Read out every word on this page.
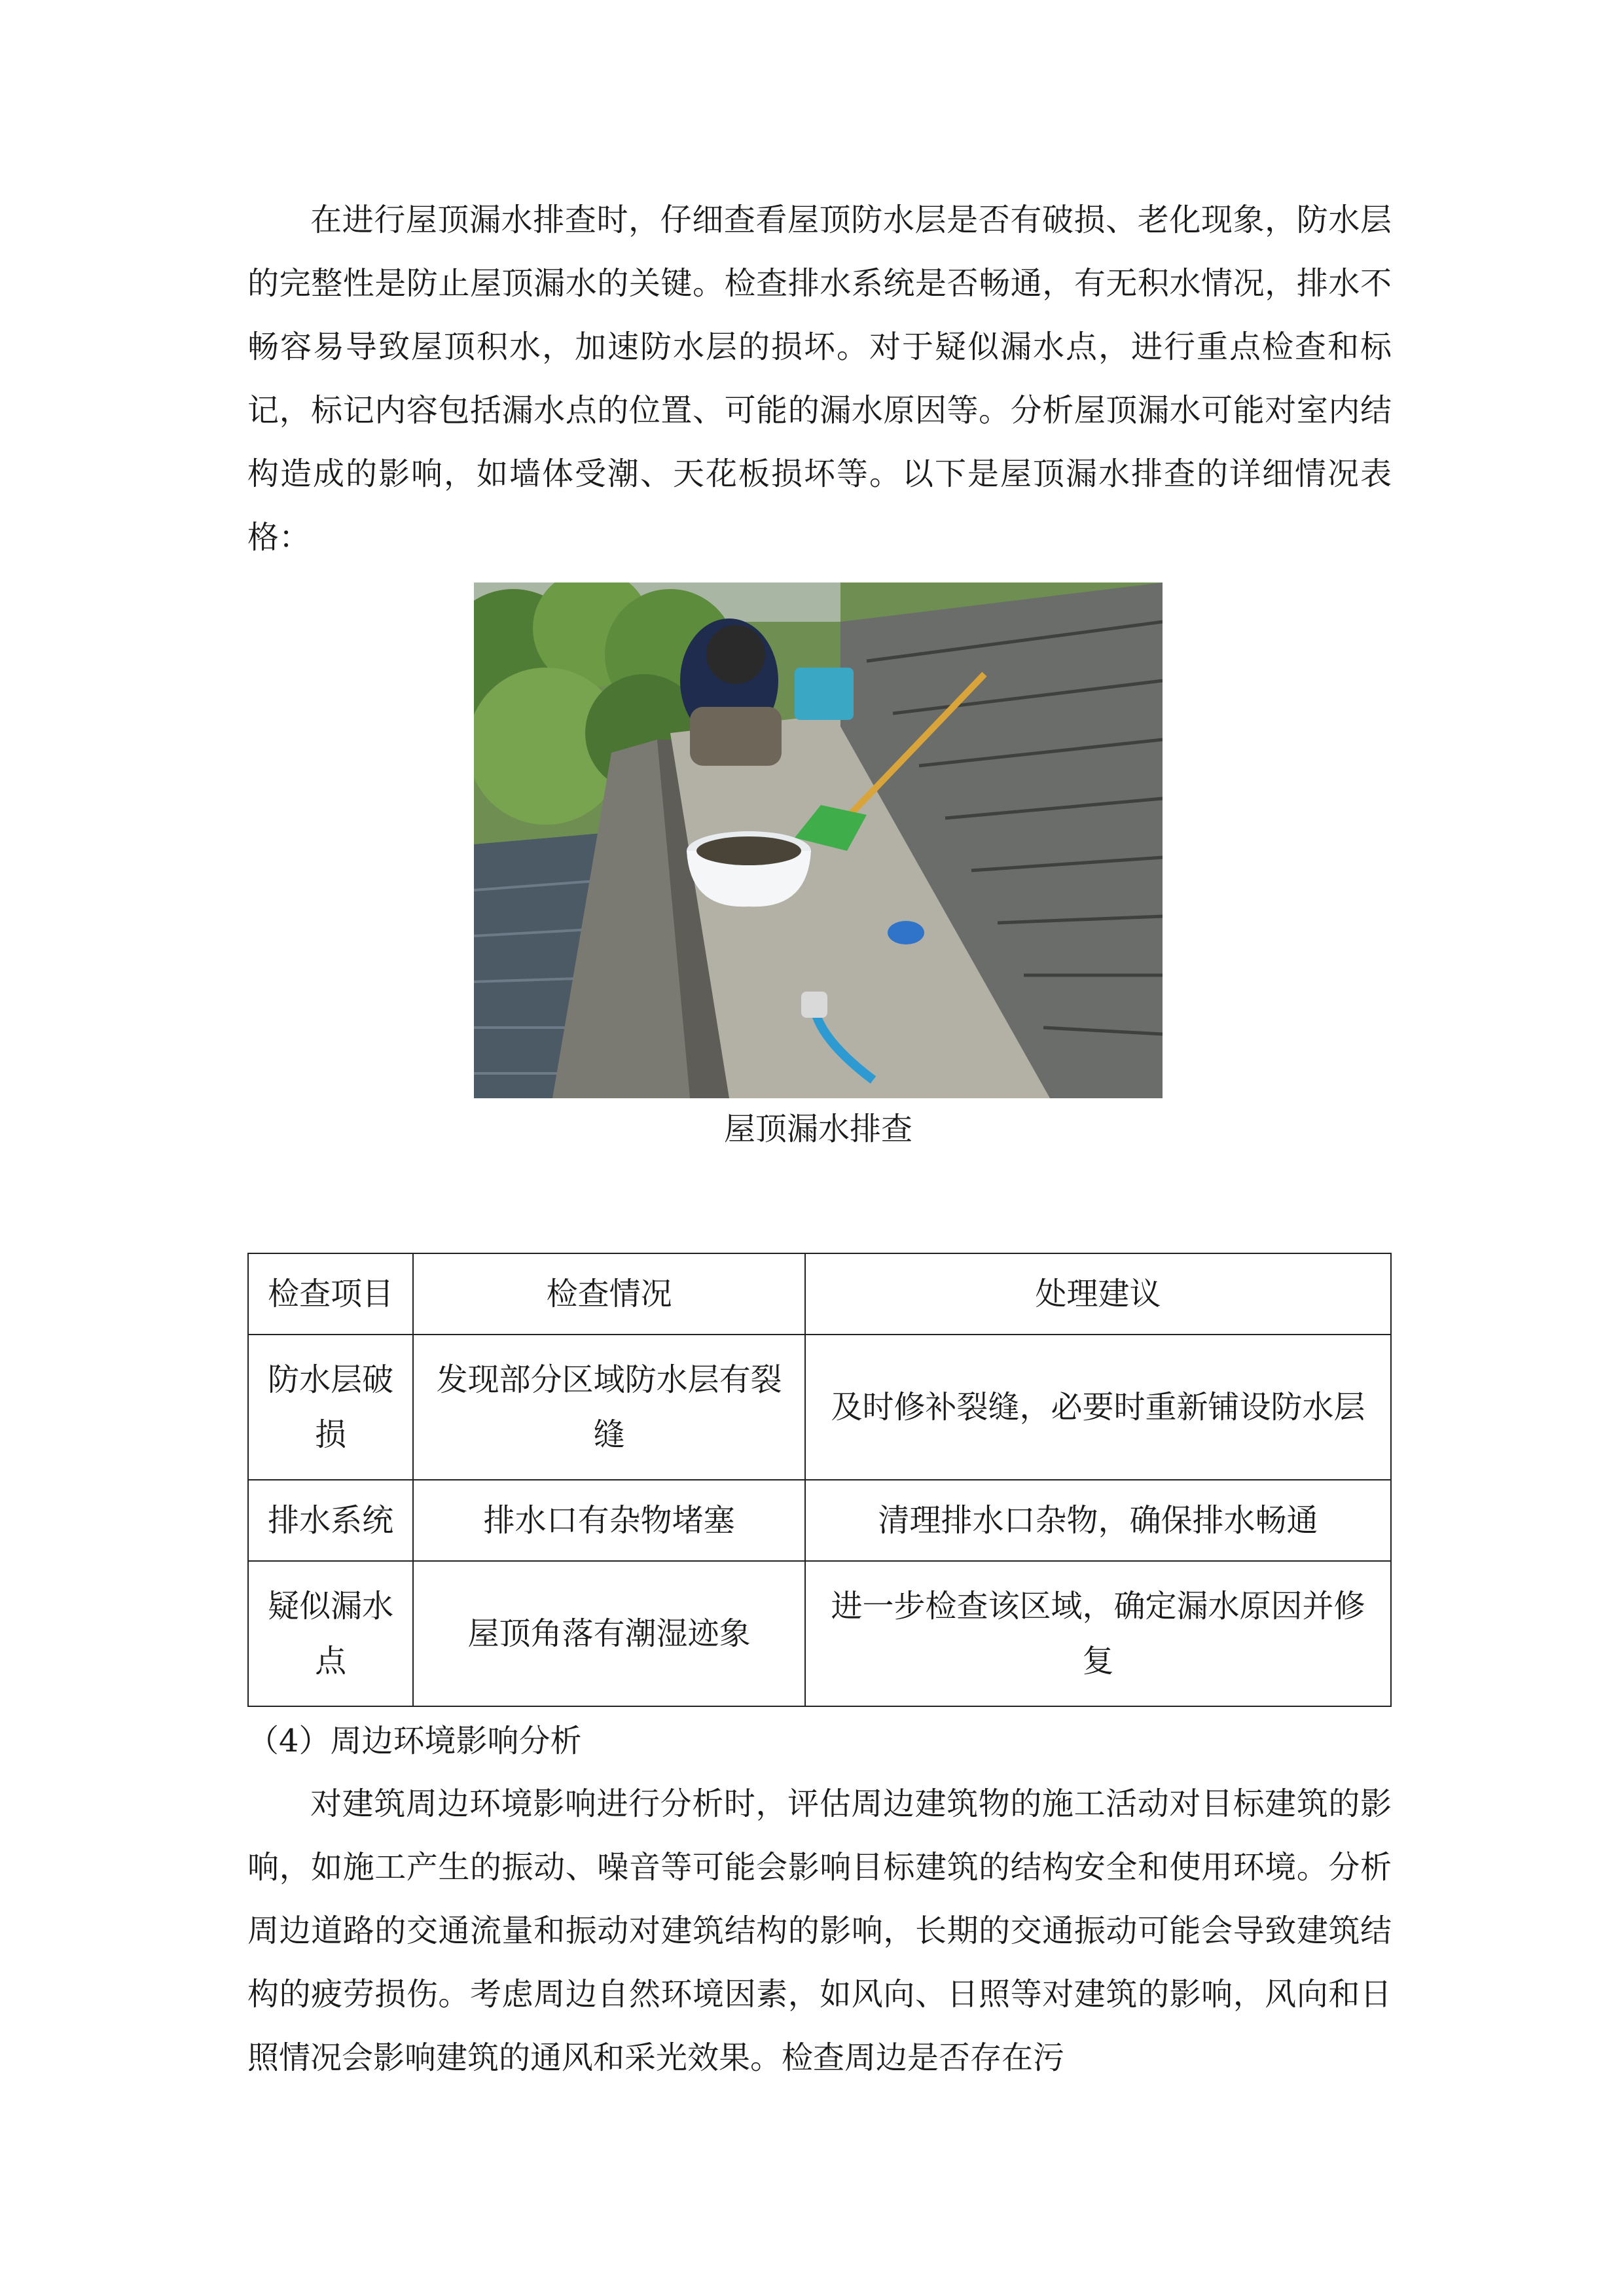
在进行屋顶漏水排查时，仔细查看屋顶防水层是否有破损、老化现象，防水层的完整性是防止屋顶漏水的关键。检查排水系统是否畅通，有无积水情况，排水不畅容易导致屋顶积水，加速防水层的损坏。对于疑似漏水点，进行重点检查和标记，标记内容包括漏水点的位置、可能的漏水原因等。分析屋顶漏水可能对室内结构造成的影响，如墙体受潮、天花板损坏等。以下是屋顶漏水排查的详细情况表格：

屋顶漏水排查
检查项目	检查情况	处理建议
防水层破损	发现部分区域防水层有裂缝	及时修补裂缝，必要时重新铺设防水层
排水系统	排水口有杂物堵塞	清理排水口杂物，确保排水畅通
疑似漏水点	屋顶角落有潮湿迹象	进一步检查该区域，确定漏水原因并修复
（4）周边环境影响分析

对建筑周边环境影响进行分析时，评估周边建筑物的施工活动对目标建筑的影响，如施工产生的振动、噪音等可能会影响目标建筑的结构安全和使用环境。分析周边道路的交通流量和振动对建筑结构的影响，长期的交通振动可能会导致建筑结构的疲劳损伤。考虑周边自然环境因素，如风向、日照等对建筑的影响，风向和日照情况会影响建筑的通风和采光效果。检查周边是否存在污
